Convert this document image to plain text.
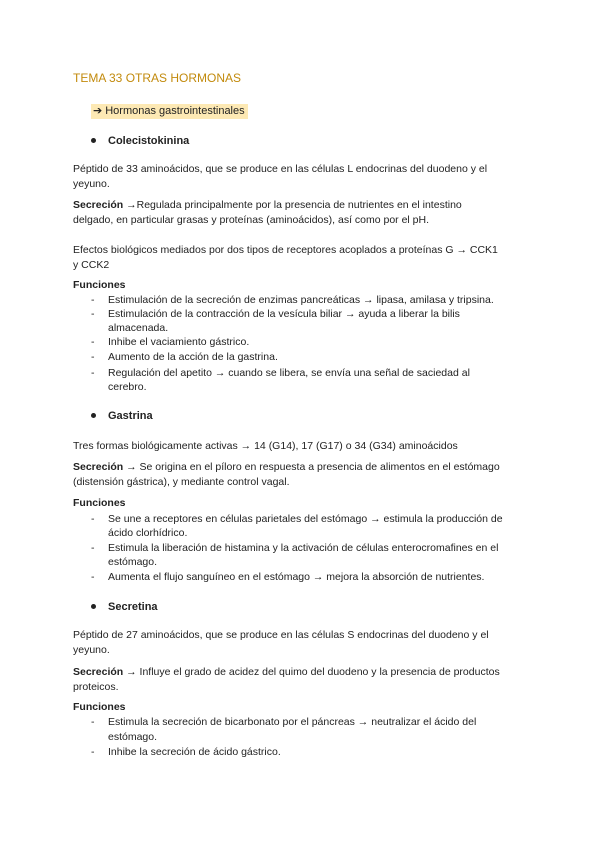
TEMA 33 OTRAS HORMONAS
➔ Hormonas gastrointestinales
Colecistokinina
Péptido de 33 aminoácidos, que se produce en las células L endocrinas del duodeno y el
yeyuno.
Secreción →Regulada principalmente por la presencia de nutrientes en el intestino
delgado, en particular grasas y proteínas (aminoácidos), así como por el pH.
Efectos biológicos mediados por dos tipos de receptores acoplados a proteínas G → CCK1
y CCK2
Funciones
- Estimulación de la secreción de enzimas pancreáticas → lipasa, amilasa y tripsina.
- Estimulación de la contracción de la vesícula biliar → ayuda a liberar la bilis
almacenada.
- Inhibe el vaciamiento gástrico.
- Aumento de la acción de la gastrina.
- Regulación del apetito → cuando se libera, se envía una señal de saciedad al
cerebro.
Gastrina
Tres formas biológicamente activas → 14 (G14), 17 (G17) o 34 (G34) aminoácidos
Secreción → Se origina en el píloro en respuesta a presencia de alimentos en el estómago
(distensión gástrica), y mediante control vagal.
Funciones
- Se une a receptores en células parietales del estómago → estimula la producción de
ácido clorhídrico.
- Estimula la liberación de histamina y la activación de células enterocromafines en el
estómago.
- Aumenta el flujo sanguíneo en el estómago → mejora la absorción de nutrientes.
Secretina
Péptido de 27 aminoácidos, que se produce en las células S endocrinas del duodeno y el
yeyuno.
Secreción → Influye el grado de acidez del quimo del duodeno y la presencia de productos
proteicos.
Funciones
- Estimula la secreción de bicarbonato por el páncreas → neutralizar el ácido del
estómago.
- Inhibe la secreción de ácido gástrico.
